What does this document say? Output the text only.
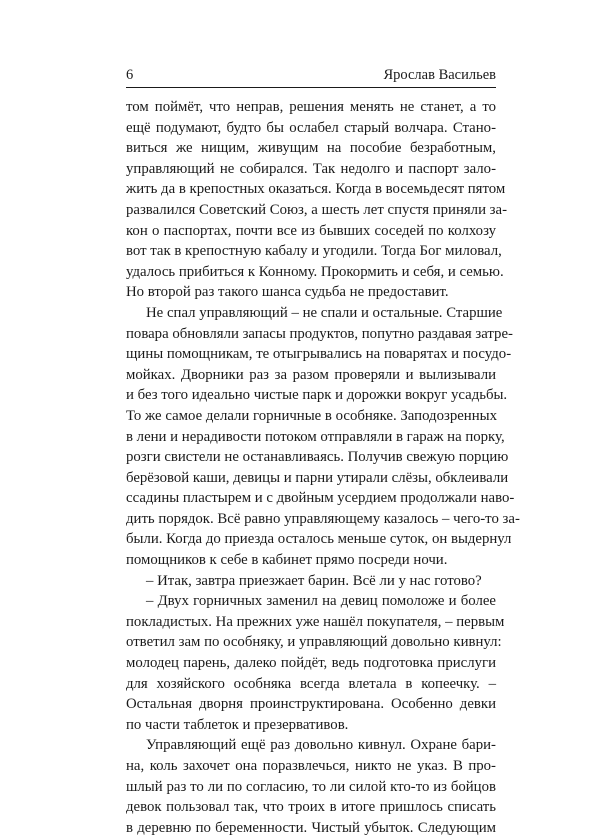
6	Ярослав Васильев
том поймёт, что неправ, решения менять не станет, а то
ещё подумают, будто бы ослабел старый волчара. Стано-
виться же нищим, живущим на пособие безработным,
управляющий не собирался. Так недолго и паспорт зало-
жить да в крепостных оказаться. Когда в восемьдесят пятом
развалился Советский Союз, а шесть лет спустя приняли за-
кон о паспортах, почти все из бывших соседей по колхозу
вот так в крепостную кабалу и угодили. Тогда Бог миловал,
удалось прибиться к Конному. Прокормить и себя, и семью.
Но второй раз такого шанса судьба не предоставит.
Не спал управляющий – не спали и остальные. Старшие
повара обновляли запасы продуктов, попутно раздавая затре-
щины помощникам, те отыгрывались на поварятах и посудо-
мойках. Дворники раз за разом проверяли и вылизывали
и без того идеально чистые парк и дорожки вокруг усадьбы.
То же самое делали горничные в особняке. Заподозренных
в лени и нерадивости потоком отправляли в гараж на порку,
розги свистели не останавливаясь. Получив свежую порцию
берёзовой каши, девицы и парни утирали слёзы, обклеивали
ссадины пластырем и с двойным усердием продолжали наво-
дить порядок. Всё равно управляющему казалось – чего-то за-
были. Когда до приезда осталось меньше суток, он выдернул
помощников к себе в кабинет прямо посреди ночи.
– Итак, завтра приезжает барин. Всё ли у нас готово?
– Двух горничных заменил на девиц помоложе и более
покладистых. На прежних уже нашёл покупателя, – первым
ответил зам по особняку, и управляющий довольно кивнул:
молодец парень, далеко пойдёт, ведь подготовка прислуги
для хозяйского особняка всегда влетала в копеечку. –
Остальная дворня проинструктирована. Особенно девки
по части таблеток и презервативов.
Управляющий ещё раз довольно кивнул. Охране бари-
на, коль захочет она поразвлечься, никто не указ. В про-
шлый раз то ли по согласию, то ли силой кто-то из бойцов
девок пользовал так, что троих в итоге пришлось списать
в деревню по беременности. Чистый убыток. Следующим
